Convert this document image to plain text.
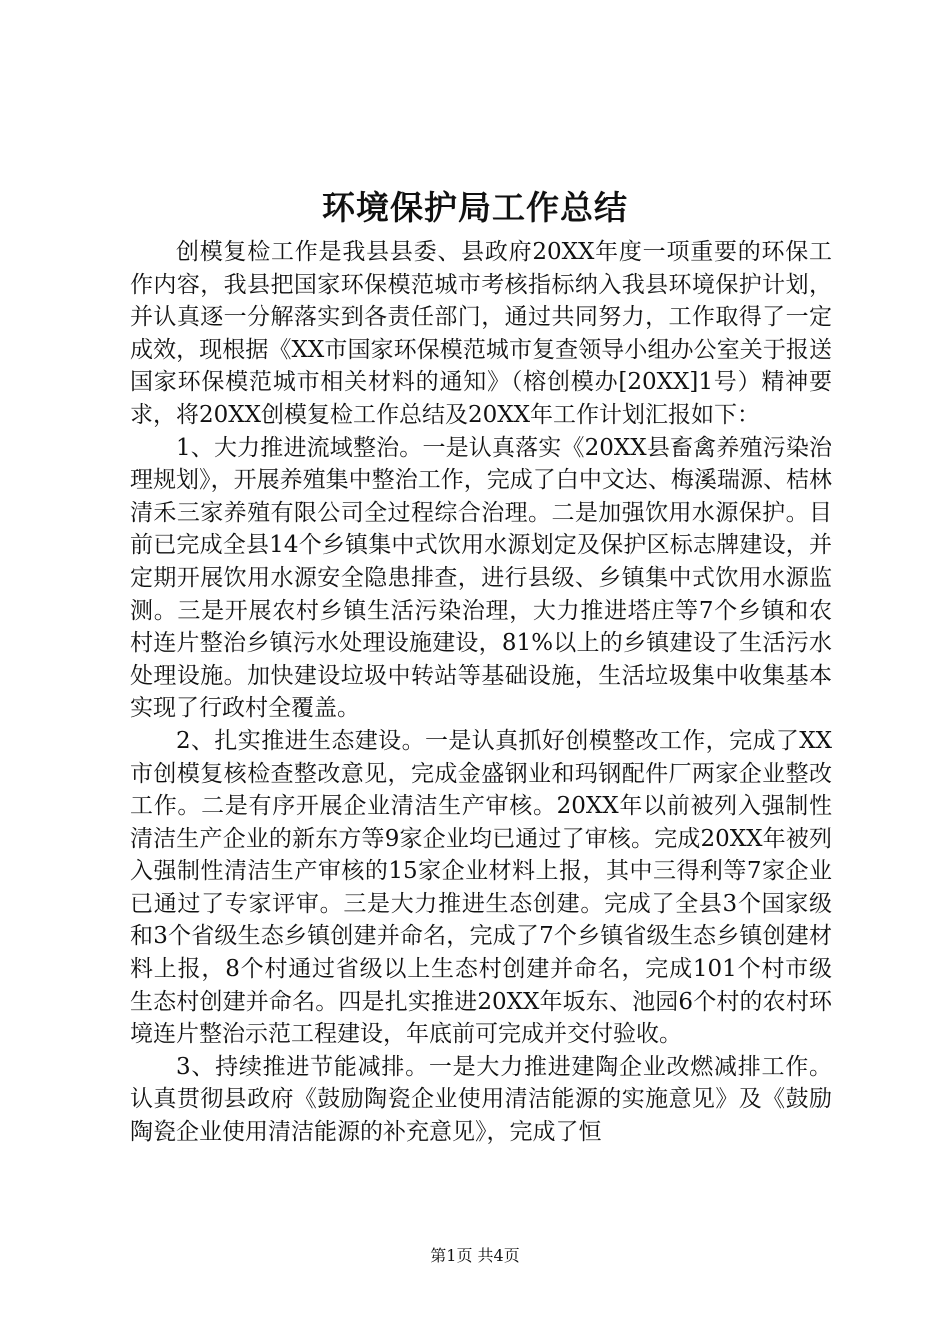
环境保护局工作总结

创模复检工作是我县县委、县政府20XX年度一项重要的环保工作内容，我县把国家环保模范城市考核指标纳入我县环境保护计划，并认真逐一分解落实到各责任部门，通过共同努力，工作取得了一定成效，现根据《XX市国家环保模范城市复查领导小组办公室关于报送国家环保模范城市相关材料的通知》（榕创模办[20XX]1号）精神要求，将20XX创模复检工作总结及20XX年工作计划汇报如下：

1、大力推进流域整治。一是认真落实《20XX县畜禽养殖污染治理规划》，开展养殖集中整治工作，完成了白中文达、梅溪瑞源、桔林清禾三家养殖有限公司全过程综合治理。二是加强饮用水源保护。目前已完成全县14个乡镇集中式饮用水源划定及保护区标志牌建设，并定期开展饮用水源安全隐患排查，进行县级、乡镇集中式饮用水源监测。三是开展农村乡镇生活污染治理，大力推进塔庄等7个乡镇和农村连片整治乡镇污水处理设施建设，81%以上的乡镇建设了生活污水处理设施。加快建设垃圾中转站等基础设施，生活垃圾集中收集基本实现了行政村全覆盖。

2、扎实推进生态建设。一是认真抓好创模整改工作，完成了XX市创模复核检查整改意见，完成金盛钢业和玛钢配件厂两家企业整改工作。二是有序开展企业清洁生产审核。20XX年以前被列入强制性清洁生产企业的新东方等9家企业均已通过了审核。完成20XX年被列入强制性清洁生产审核的15家企业材料上报，其中三得利等7家企业已通过了专家评审。三是大力推进生态创建。完成了全县3个国家级和3个省级生态乡镇创建并命名，完成了7个乡镇省级生态乡镇创建材料上报，8个村通过省级以上生态村创建并命名，完成101个村市级生态村创建并命名。四是扎实推进20XX年坂东、池园6个村的农村环境连片整治示范工程建设，年底前可完成并交付验收。

3、持续推进节能减排。一是大力推进建陶企业改燃减排工作。认真贯彻县政府《鼓励陶瓷企业使用清洁能源的实施意见》及《鼓励陶瓷企业使用清洁能源的补充意见》，完成了恒

第1页 共4页
